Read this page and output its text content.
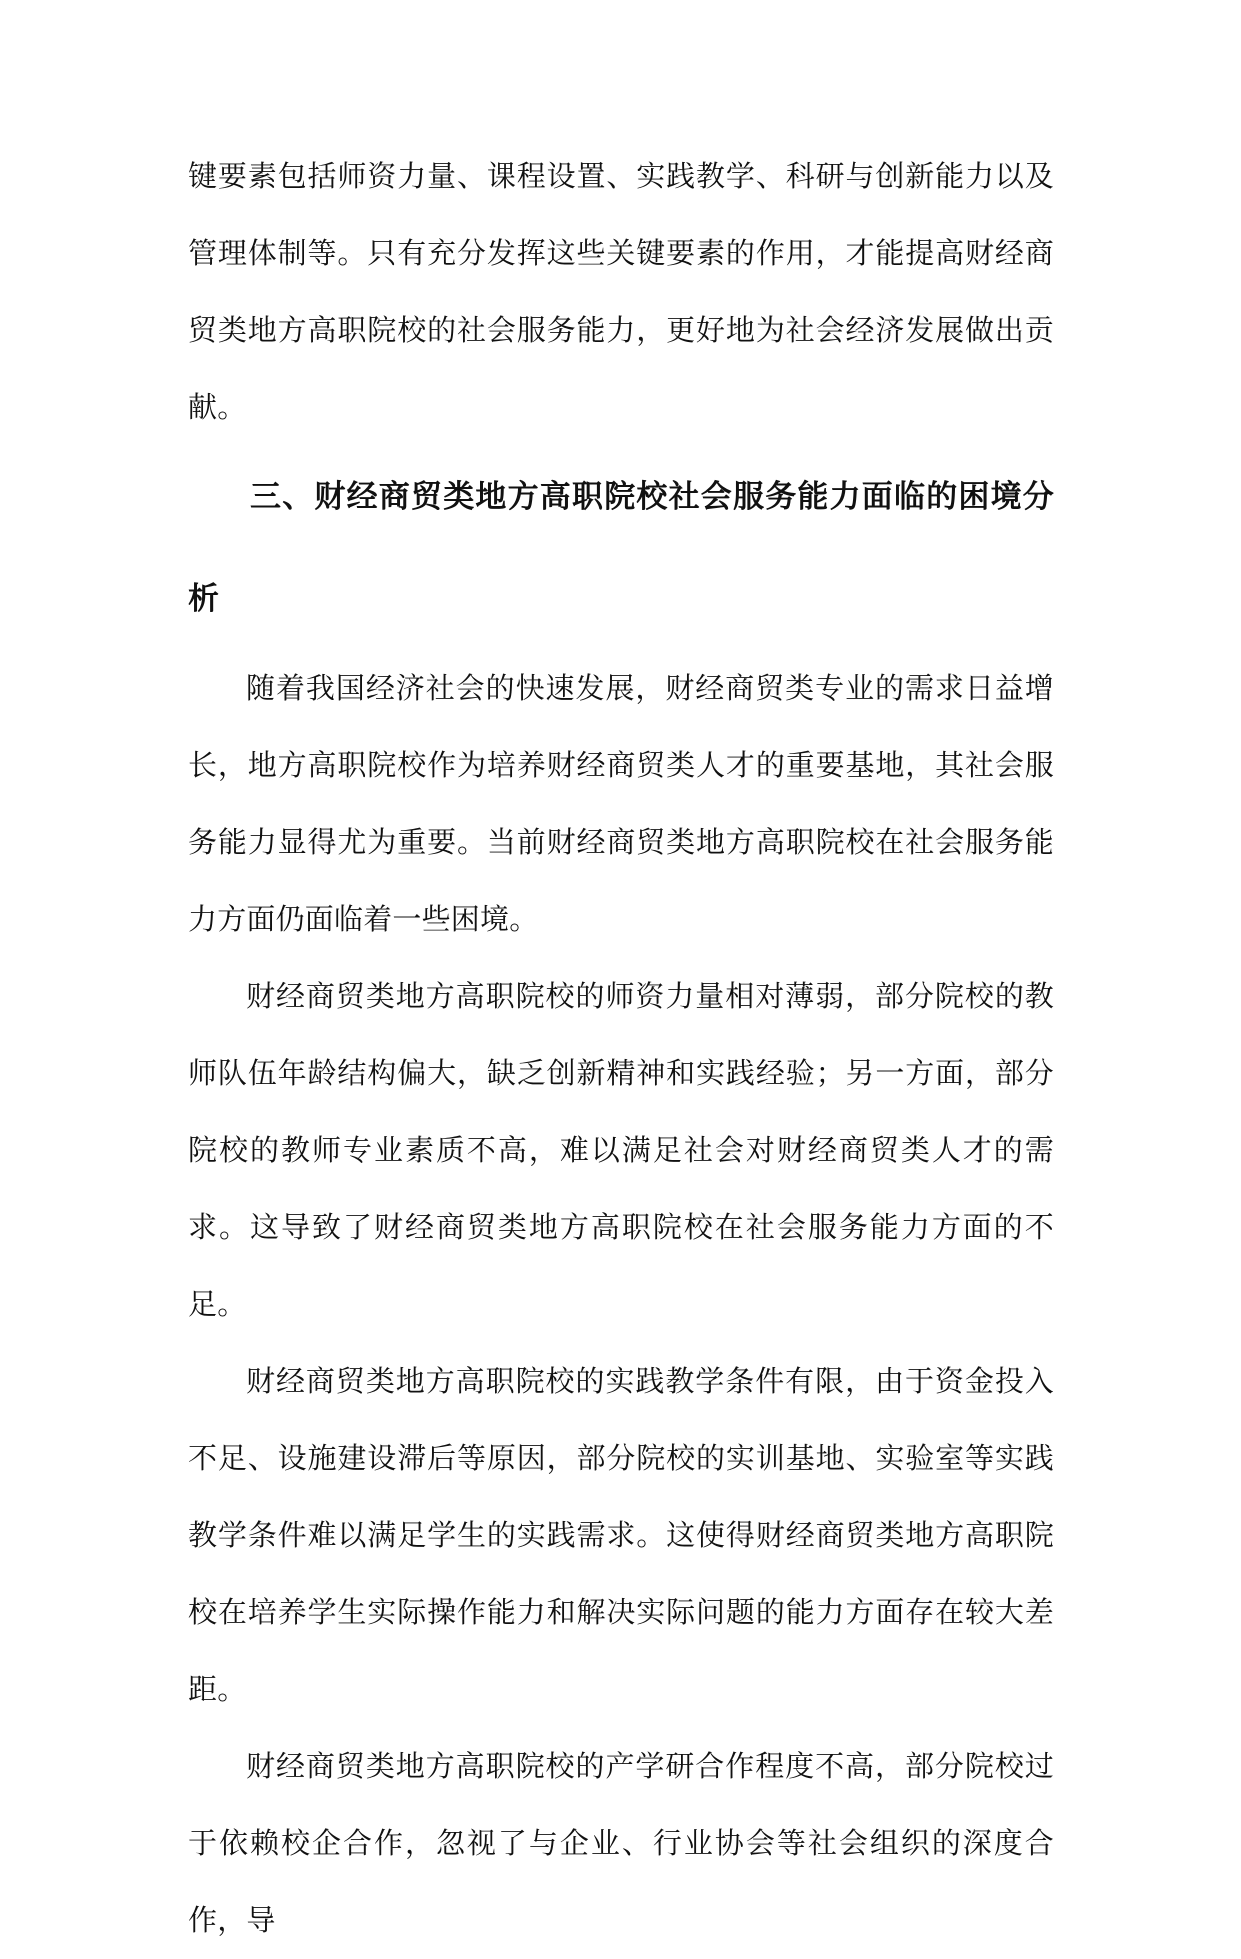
键要素包括师资力量、课程设置、实践教学、科研与创新能力以及管理体制等。只有充分发挥这些关键要素的作用，才能提高财经商贸类地方高职院校的社会服务能力，更好地为社会经济发展做出贡献。

三、财经商贸类地方高职院校社会服务能力面临的困境分析

随着我国经济社会的快速发展，财经商贸类专业的需求日益增长，地方高职院校作为培养财经商贸类人才的重要基地，其社会服务能力显得尤为重要。当前财经商贸类地方高职院校在社会服务能力方面仍面临着一些困境。

财经商贸类地方高职院校的师资力量相对薄弱，部分院校的教师队伍年龄结构偏大，缺乏创新精神和实践经验；另一方面，部分院校的教师专业素质不高，难以满足社会对财经商贸类人才的需求。这导致了财经商贸类地方高职院校在社会服务能力方面的不足。

财经商贸类地方高职院校的实践教学条件有限，由于资金投入不足、设施建设滞后等原因，部分院校的实训基地、实验室等实践教学条件难以满足学生的实践需求。这使得财经商贸类地方高职院校在培养学生实际操作能力和解决实际问题的能力方面存在较大差距。

财经商贸类地方高职院校的产学研合作程度不高，部分院校过于依赖校企合作，忽视了与企业、行业协会等社会组织的深度合作，导
